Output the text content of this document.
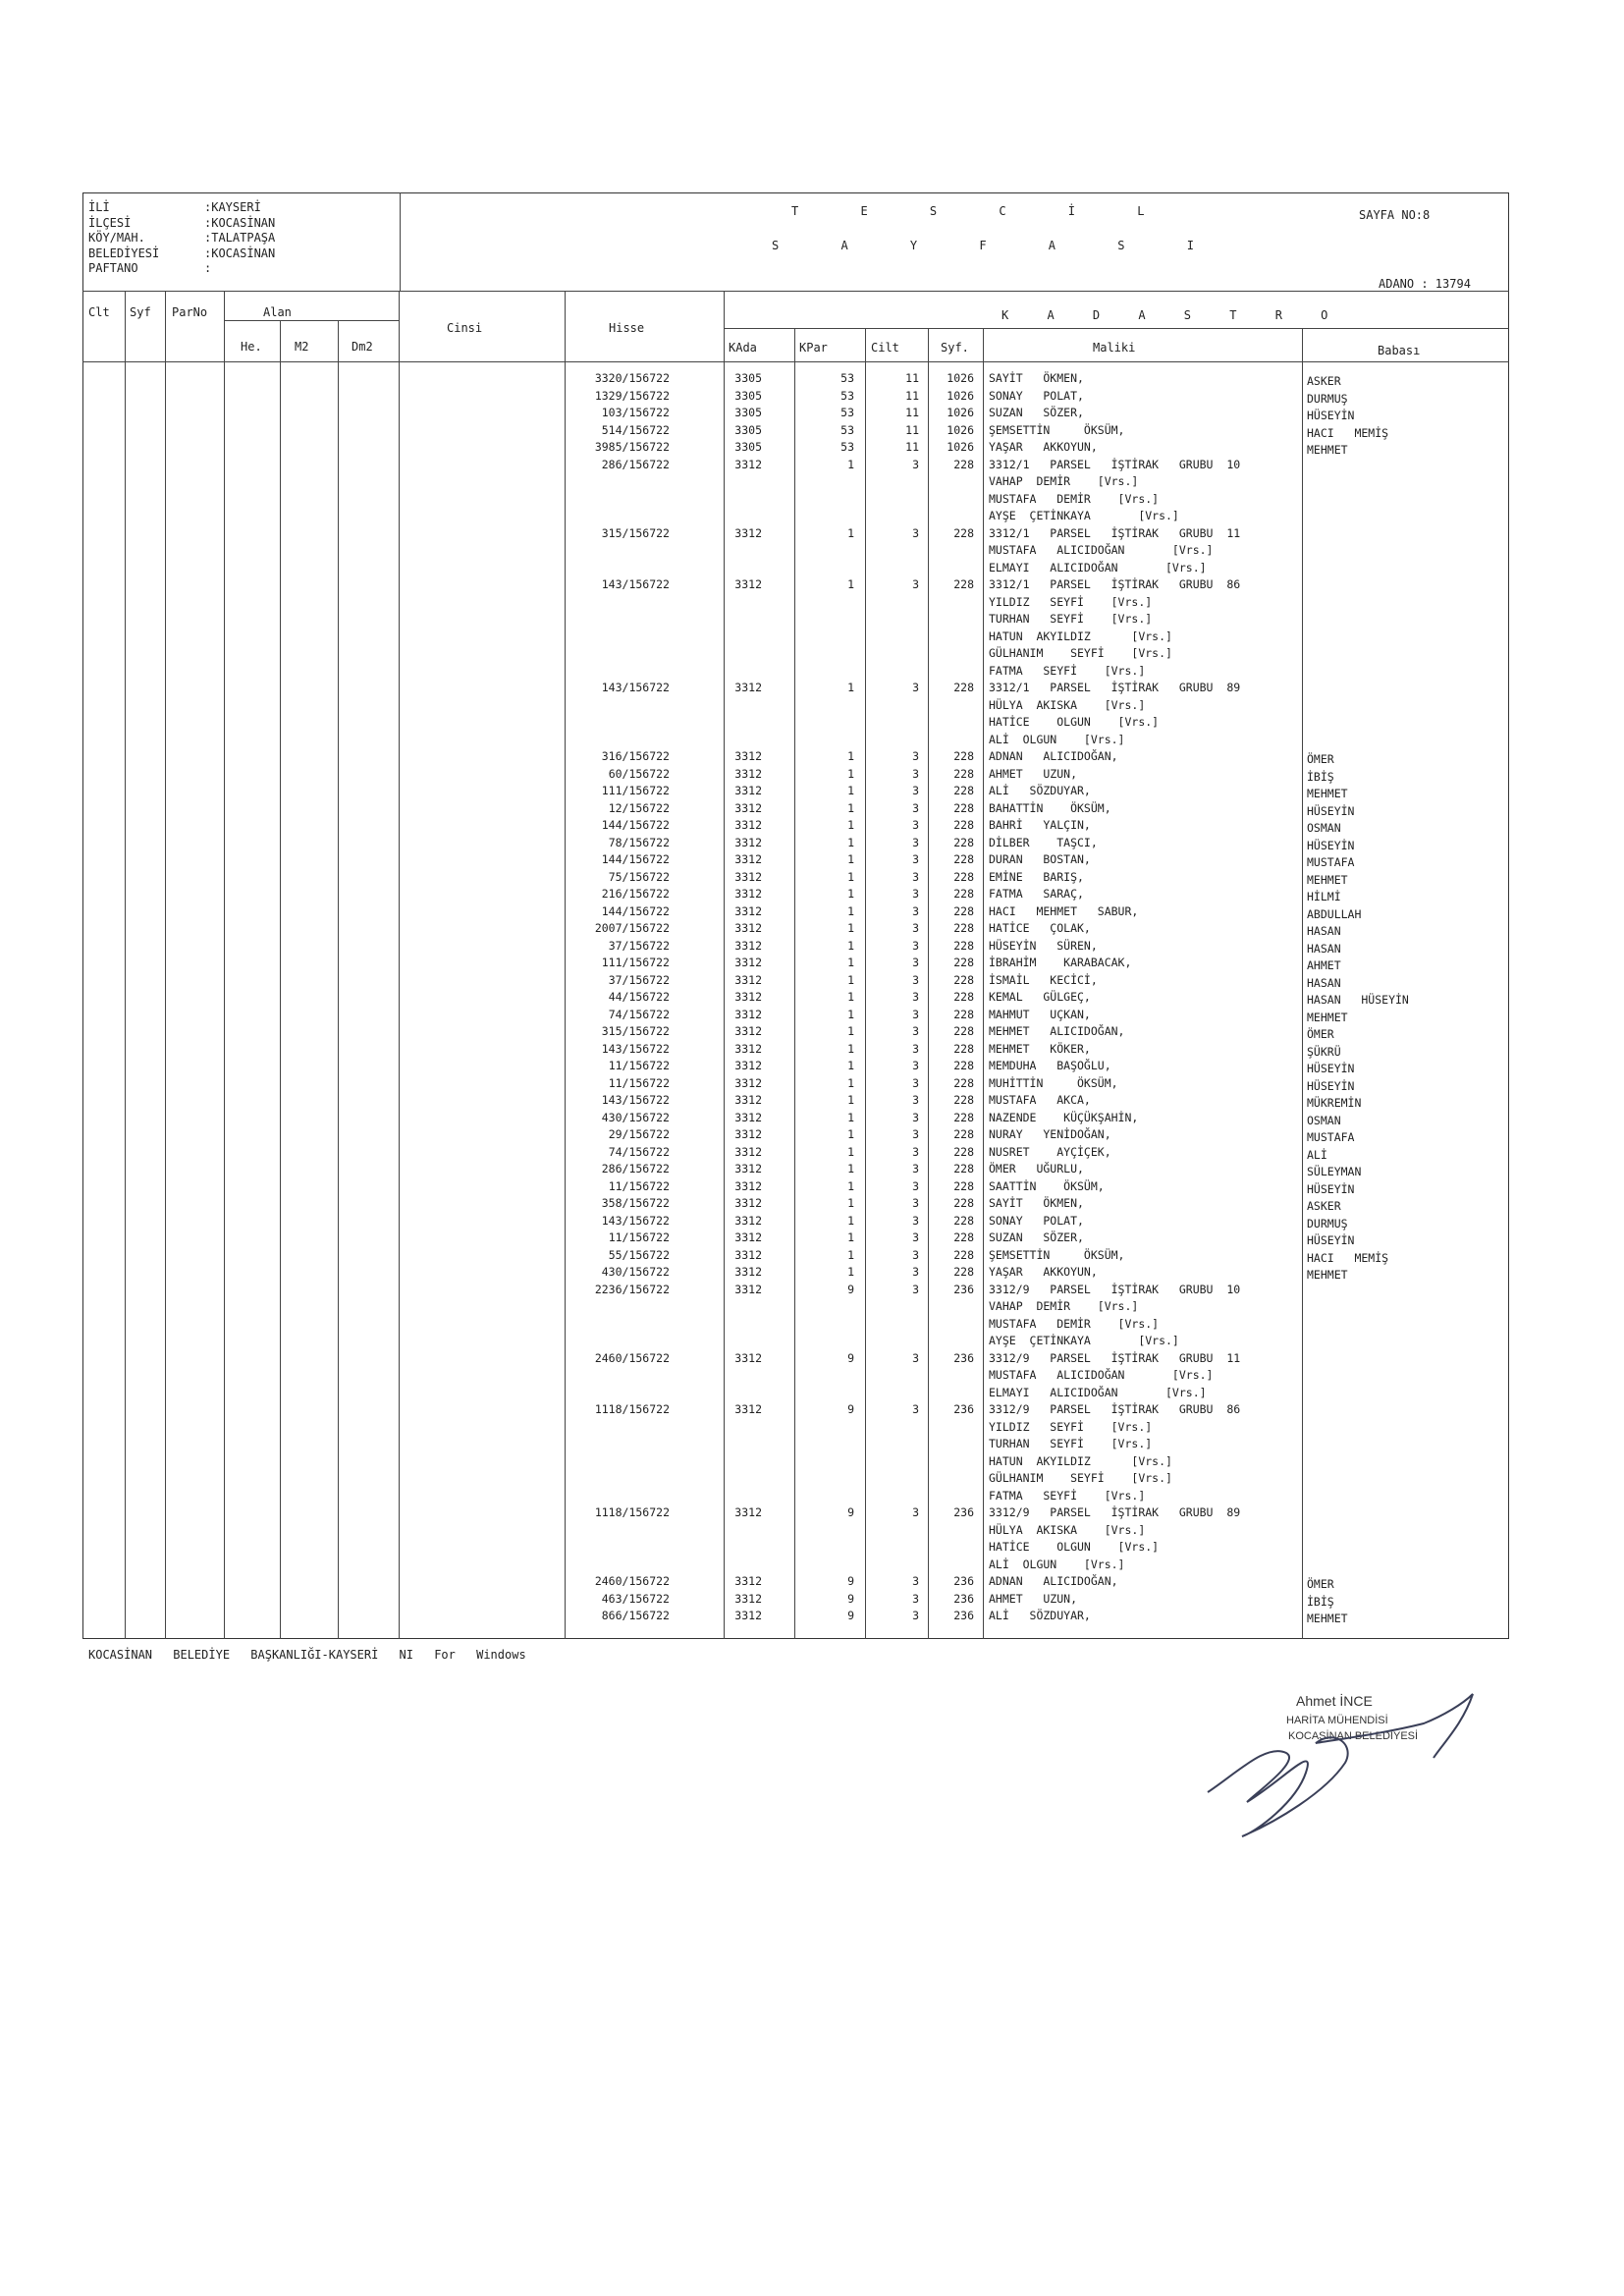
İLİ	:KAYSERİ
İLÇESİ	:KOCASİNAN
KÖY/MAH.	:TALATPAŞA
BELEDİYESİ	:KOCASİNAN
PAFTANO	:
T E S C İ L
S A Y F A S I
SAYFA NO:8
ADANO : 13794
Clt Syf ParNo	Alan
He.	M2	Dm2
Cinsi	Hisse
K A D A S T R O
KAda	KPar	Cilt	Syf.	Maliki	Babası
3320/156722	3305	53	11	1026 SAYİT   ÖKMEN,	ASKER
1329/156722	3305	53	11	1026 SONAY   POLAT,	DURMUŞ
103/156722	3305	53	11	1026 SUZAN   SÖZER,	HÜSEYİN
514/156722	3305	53	11	1026 ŞEMSETTİN     ÖKSÜM,	HACI   MEMİŞ
3985/156722	3305	53	11	1026 YAŞAR   AKKOYUN,	MEHMET
286/156722	3312	1	3	228 3312/1   PARSEL   İŞTİRAK   GRUBU  10
VAHAP  DEMİR    [Vrs.]
MUSTAFA   DEMİR    [Vrs.]
AYŞE  ÇETİNKAYA       [Vrs.]
315/156722	3312	1	3	228 3312/1   PARSEL   İŞTİRAK   GRUBU  11
MUSTAFA   ALICIDOĞAN       [Vrs.]
ELMAYI   ALICIDOĞAN       [Vrs.]
143/156722	3312	1	3	228 3312/1   PARSEL   İŞTİRAK   GRUBU  86
YILDIZ   SEYFİ    [Vrs.]
TURHAN   SEYFİ    [Vrs.]
HATUN  AKYILDIZ      [Vrs.]
GÜLHANIM    SEYFİ    [Vrs.]
FATMA   SEYFİ    [Vrs.]
143/156722	3312	1	3	228 3312/1   PARSEL   İŞTİRAK   GRUBU  89
HÜLYA  AKISKA    [Vrs.]
HATİCE    OLGUN    [Vrs.]
ALİ  OLGUN    [Vrs.]
316/156722	3312	1	3	228 ADNAN   ALICIDOĞAN,	ÖMER
60/156722	3312	1	3	228 AHMET   UZUN,	İBİŞ
111/156722	3312	1	3	228 ALİ   SÖZDUYAR,	MEHMET
12/156722	3312	1	3	228 BAHATTİN    ÖKSÜM,	HÜSEYİN
144/156722	3312	1	3	228 BAHRİ   YALÇIN,	OSMAN
78/156722	3312	1	3	228 DİLBER    TAŞCI,	HÜSEYİN
144/156722	3312	1	3	228 DURAN   BOSTAN,	MUSTAFA
75/156722	3312	1	3	228 EMİNE   BARIŞ,	MEHMET
216/156722	3312	1	3	228 FATMA   SARAÇ,	HİLMİ
144/156722	3312	1	3	228 HACI   MEHMET   SABUR,	ABDULLAH
2007/156722	3312	1	3	228 HATİCE   ÇOLAK,	HASAN
37/156722	3312	1	3	228 HÜSEYİN   SÜREN,	HASAN
111/156722	3312	1	3	228 İBRAHİM    KARABACAK,	AHMET
37/156722	3312	1	3	228 İSMAİL   KECİCİ,	HASAN
44/156722	3312	1	3	228 KEMAL   GÜLGEÇ,	HASAN   HÜSEYİN
74/156722	3312	1	3	228 MAHMUT   UÇKAN,	MEHMET
315/156722	3312	1	3	228 MEHMET   ALICIDOĞAN,	ÖMER
143/156722	3312	1	3	228 MEHMET   KÖKER,	ŞÜKRÜ
11/156722	3312	1	3	228 MEMDUHA   BAŞOĞLU,	HÜSEYİN
11/156722	3312	1	3	228 MUHİTTİN     ÖKSÜM,	HÜSEYİN
143/156722	3312	1	3	228 MUSTAFA   AKCA,	MÜKREMİN
430/156722	3312	1	3	228 NAZENDE    KÜÇÜKŞAHİN,	OSMAN
29/156722	3312	1	3	228 NURAY   YENİDOĞAN,	MUSTAFA
74/156722	3312	1	3	228 NUSRET    AYÇİÇEK,	ALİ
286/156722	3312	1	3	228 ÖMER   UĞURLU,	SÜLEYMAN
11/156722	3312	1	3	228 SAATTİN    ÖKSÜM,	HÜSEYİN
358/156722	3312	1	3	228 SAYİT   ÖKMEN,	ASKER
143/156722	3312	1	3	228 SONAY   POLAT,	DURMUŞ
11/156722	3312	1	3	228 SUZAN   SÖZER,	HÜSEYİN
55/156722	3312	1	3	228 ŞEMSETTİN     ÖKSÜM,	HACI   MEMİŞ
430/156722	3312	1	3	228 YAŞAR   AKKOYUN,	MEHMET
2236/156722	3312	9	3	236 3312/9   PARSEL   İŞTİRAK   GRUBU  10
VAHAP  DEMİR    [Vrs.]
MUSTAFA   DEMİR    [Vrs.]
AYŞE  ÇETİNKAYA       [Vrs.]
2460/156722	3312	9	3	236 3312/9   PARSEL   İŞTİRAK   GRUBU  11
MUSTAFA   ALICIDOĞAN       [Vrs.]
ELMAYI   ALICIDOĞAN       [Vrs.]
1118/156722	3312	9	3	236 3312/9   PARSEL   İŞTİRAK   GRUBU  86
YILDIZ   SEYFİ    [Vrs.]
TURHAN   SEYFİ    [Vrs.]
HATUN  AKYILDIZ      [Vrs.]
GÜLHANIM    SEYFİ    [Vrs.]
FATMA   SEYFİ    [Vrs.]
1118/156722	3312	9	3	236 3312/9   PARSEL   İŞTİRAK   GRUBU  89
HÜLYA  AKISKA    [Vrs.]
HATİCE    OLGUN    [Vrs.]
ALİ  OLGUN    [Vrs.]
2460/156722	3312	9	3	236 ADNAN   ALICIDOĞAN,	ÖMER
463/156722	3312	9	3	236 AHMET   UZUN,	İBİŞ
866/156722	3312	9	3	236 ALİ   SÖZDUYAR,	MEHMET
KOCASİNAN BELEDİYE BAŞKANLIĞI-KAYSERİ NI For Windows
Ahmet İNCE
HARİTA MÜHENDİSİ
KOCASİNAN BELEDİYESİ
